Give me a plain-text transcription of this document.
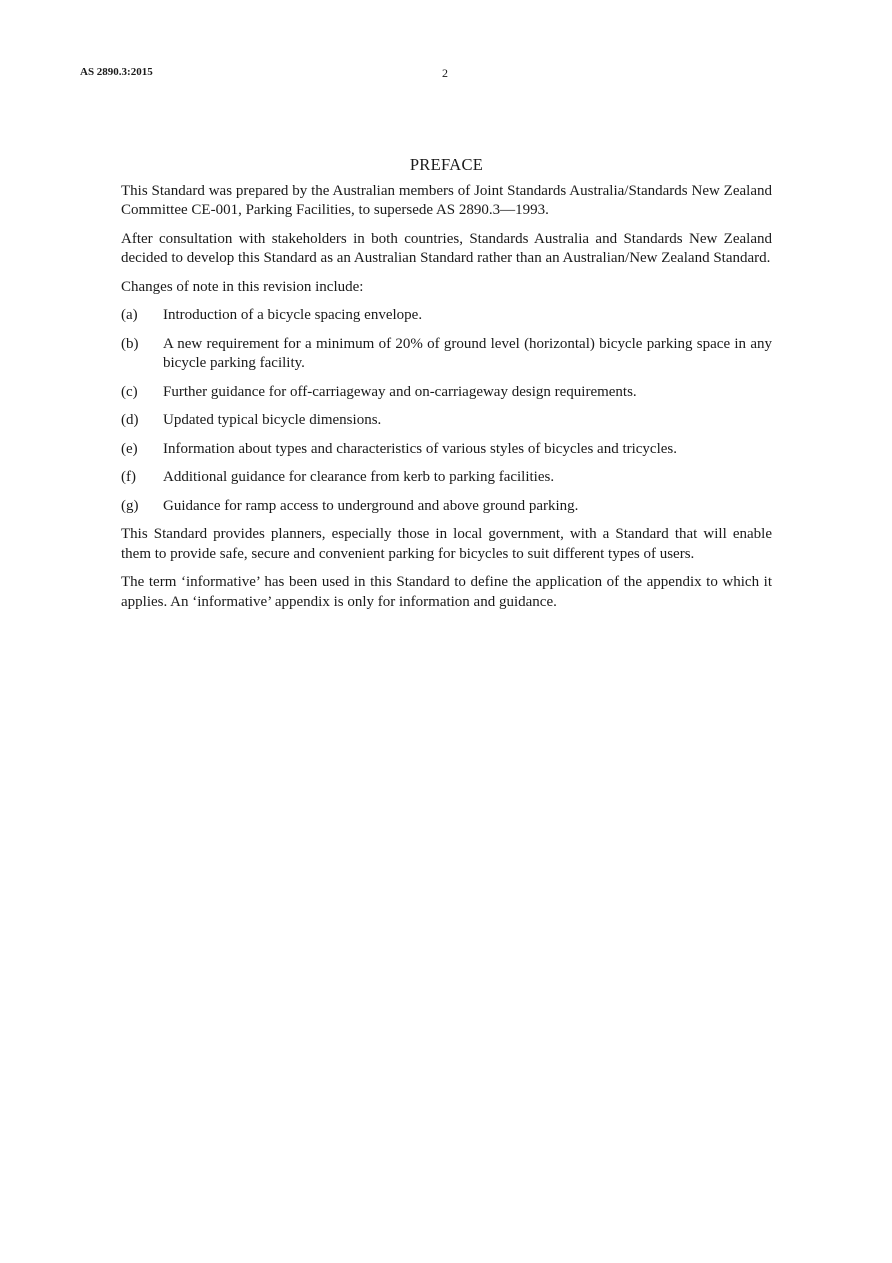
AS 2890.3:2015	2
PREFACE

This Standard was prepared by the Australian members of Joint Standards Australia/Standards New Zealand Committee CE-001, Parking Facilities, to supersede AS 2890.3—1993.

After consultation with stakeholders in both countries, Standards Australia and Standards New Zealand decided to develop this Standard as an Australian Standard rather than an Australian/New Zealand Standard.

Changes of note in this revision include:

(a)	Introduction of a bicycle spacing envelope.
(b)	A new requirement for a minimum of 20% of ground level (horizontal) bicycle parking space in any bicycle parking facility.
(c)	Further guidance for off-carriageway and on-carriageway design requirements.
(d)	Updated typical bicycle dimensions.
(e)	Information about types and characteristics of various styles of bicycles and tricycles.
(f)	Additional guidance for clearance from kerb to parking facilities.
(g)	Guidance for ramp access to underground and above ground parking.

This Standard provides planners, especially those in local government, with a Standard that will enable them to provide safe, secure and convenient parking for bicycles to suit different types of users.

The term ‘informative’ has been used in this Standard to define the application of the appendix to which it applies. An ‘informative’ appendix is only for information and guidance.
